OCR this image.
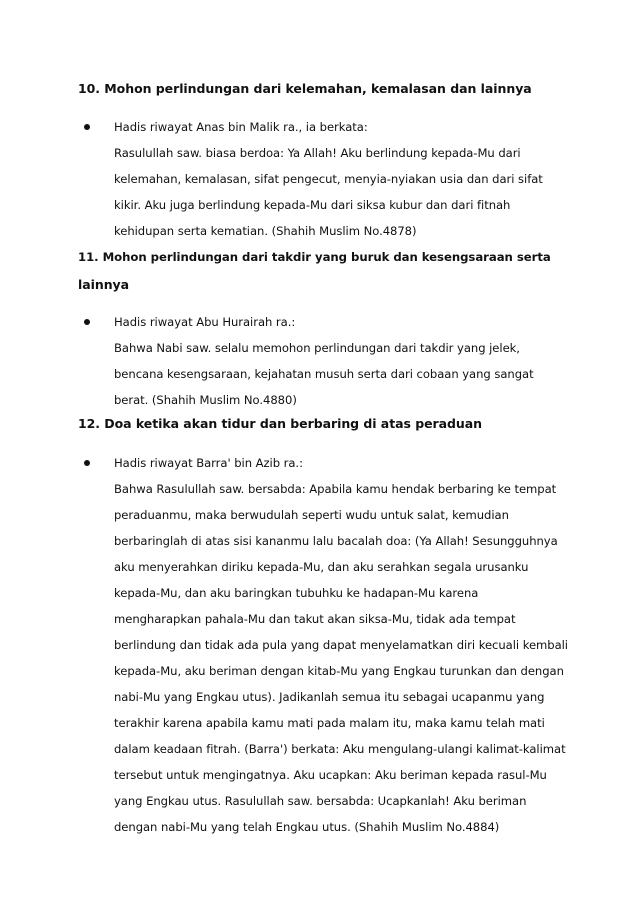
10. Mohon perlindungan dari kelemahan, kemalasan dan lainnya
Hadis riwayat Anas bin Malik ra., ia berkata:
Rasulullah saw. biasa berdoa: Ya Allah! Aku berlindung kepada-Mu dari
kelemahan, kemalasan, sifat pengecut, menyia-nyiakan usia dan dari sifat
kikir. Aku juga berlindung kepada-Mu dari siksa kubur dan dari fitnah
kehidupan serta kematian. (Shahih Muslim No.4878)
11. Mohon perlindungan dari takdir yang buruk dan kesengsaraan serta
lainnya
Hadis riwayat Abu Hurairah ra.:
Bahwa Nabi saw. selalu memohon perlindungan dari takdir yang jelek,
bencana kesengsaraan, kejahatan musuh serta dari cobaan yang sangat
berat. (Shahih Muslim No.4880)
12. Doa ketika akan tidur dan berbaring di atas peraduan
Hadis riwayat Barra' bin Azib ra.:
Bahwa Rasulullah saw. bersabda: Apabila kamu hendak berbaring ke tempat
peraduanmu, maka berwudulah seperti wudu untuk salat, kemudian
berbaringlah di atas sisi kananmu lalu bacalah doa: (Ya Allah! Sesungguhnya
aku menyerahkan diriku kepada-Mu, dan aku serahkan segala urusanku
kepada-Mu, dan aku baringkan tubuhku ke hadapan-Mu karena
mengharapkan pahala-Mu dan takut akan siksa-Mu, tidak ada tempat
berlindung dan tidak ada pula yang dapat menyelamatkan diri kecuali kembali
kepada-Mu, aku beriman dengan kitab-Mu yang Engkau turunkan dan dengan
nabi-Mu yang Engkau utus). Jadikanlah semua itu sebagai ucapanmu yang
terakhir karena apabila kamu mati pada malam itu, maka kamu telah mati
dalam keadaan fitrah. (Barra') berkata: Aku mengulang-ulangi kalimat-kalimat
tersebut untuk mengingatnya. Aku ucapkan: Aku beriman kepada rasul-Mu
yang Engkau utus. Rasulullah saw. bersabda: Ucapkanlah! Aku beriman
dengan nabi-Mu yang telah Engkau utus. (Shahih Muslim No.4884)
